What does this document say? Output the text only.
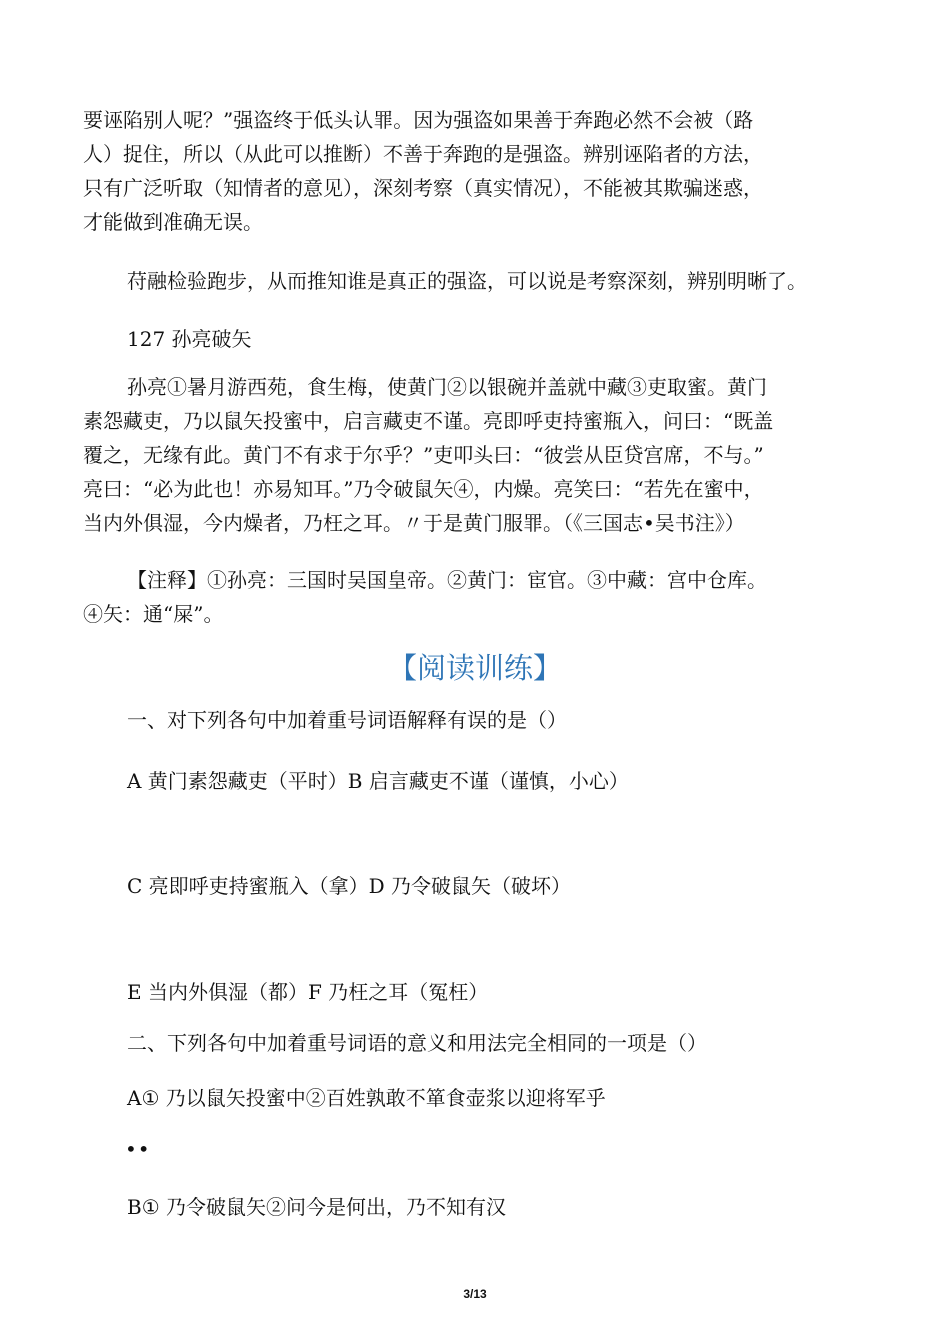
要诬陷别人呢？”强盗终于低头认罪。因为强盗如果善于奔跑必然不会被（路
人）捉住，所以（从此可以推断）不善于奔跑的是强盗。辨别诬陷者的方法，
只有广泛听取（知情者的意见），深刻考察（真实情况），不能被其欺骗迷惑，
才能做到准确无误。
苻融检验跑步，从而推知谁是真正的强盗，可以说是考察深刻，辨别明晰了。
127 孙亮破矢
孙亮①暑月游西苑，食生梅，使黄门②以银碗并盖就中藏③吏取蜜。黄门
素怨藏吏，乃以鼠矢投蜜中，启言藏吏不谨。亮即呼吏持蜜瓶入，问曰：“既盖
覆之，无缘有此。黄门不有求于尔乎？”吏叩头曰：“彼尝从臣贷宫席，不与。”
亮曰：“必为此也！亦易知耳。”乃令破鼠矢④，内燥。亮笑曰：“若先在蜜中，
当内外俱湿，今内燥者，乃枉之耳。〃于是黄门服罪。（《三国志•吴书注》）
【注释】①孙亮：三国时吴国皇帝。②黄门：宦官。③中藏：宫中仓库。
④矢：通“屎”。
【阅读训练】
一、对下列各句中加着重号词语解释有误的是（）
A 黄门素怨藏吏（平时）B 启言藏吏不谨（谨慎，小心）
C 亮即呼吏持蜜瓶入（拿）D 乃令破鼠矢（破坏）
E 当内外俱湿（都）F 乃枉之耳（冤枉）
二、下列各句中加着重号词语的意义和用法完全相同的一项是（）
A① 乃以鼠矢投蜜中②百姓孰敢不箪食壶浆以迎将军乎
••
B① 乃令破鼠矢②问今是何出，乃不知有汉
3/13
